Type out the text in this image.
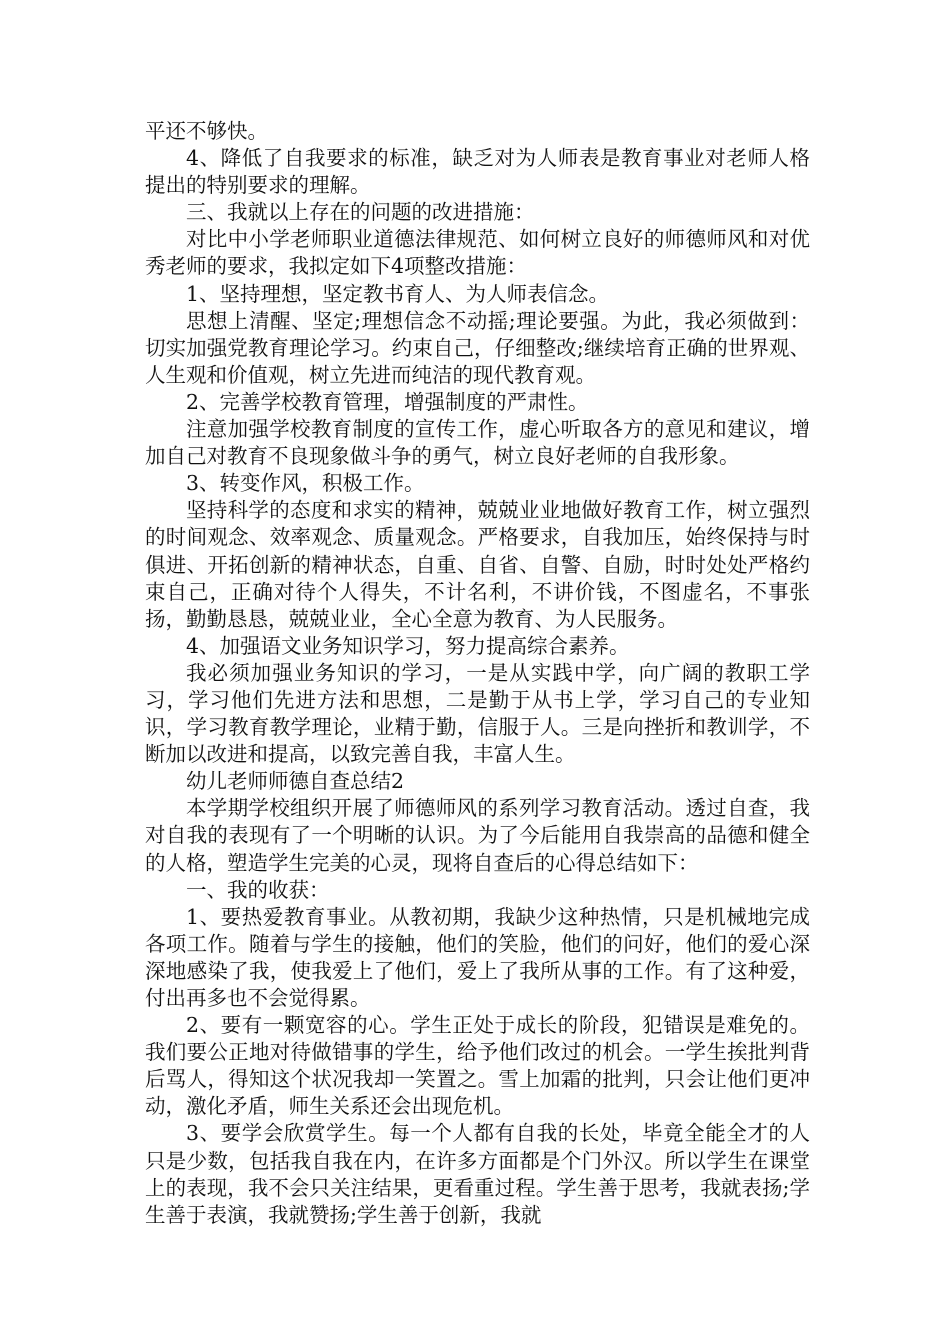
平还不够快。

4、降低了自我要求的标准，缺乏对为人师表是教育事业对老师人格提出的特别要求的理解。

三、我就以上存在的问题的改进措施：

对比中小学老师职业道德法律规范、如何树立良好的师德师风和对优秀老师的要求，我拟定如下4项整改措施：

1、坚持理想，坚定教书育人、为人师表信念。

思想上清醒、坚定;理想信念不动摇;理论要强。为此，我必须做到：切实加强党教育理论学习。约束自己，仔细整改;继续培育正确的世界观、人生观和价值观，树立先进而纯洁的现代教育观。

2、完善学校教育管理，增强制度的严肃性。

注意加强学校教育制度的宣传工作，虚心听取各方的意见和建议，增加自己对教育不良现象做斗争的勇气，树立良好老师的自我形象。

3、转变作风，积极工作。

坚持科学的态度和求实的精神，兢兢业业地做好教育工作，树立强烈的时间观念、效率观念、质量观念。严格要求，自我加压，始终保持与时俱进、开拓创新的精神状态，自重、自省、自警、自励，时时处处严格约束自己，正确对待个人得失，不计名利，不讲价钱，不图虚名，不事张扬，勤勤恳恳，兢兢业业，全心全意为教育、为人民服务。

4、加强语文业务知识学习，努力提高综合素养。

我必须加强业务知识的学习，一是从实践中学，向广阔的教职工学习，学习他们先进方法和思想，二是勤于从书上学，学习自己的专业知识，学习教育教学理论，业精于勤，信服于人。三是向挫折和教训学，不断加以改进和提高，以致完善自我，丰富人生。

幼儿老师师德自查总结2

本学期学校组织开展了师德师风的系列学习教育活动。透过自查，我对自我的表现有了一个明晰的认识。为了今后能用自我崇高的品德和健全的人格，塑造学生完美的心灵，现将自查后的心得总结如下：

一、我的收获：

1、要热爱教育事业。从教初期，我缺少这种热情，只是机械地完成各项工作。随着与学生的接触，他们的笑脸，他们的问好，他们的爱心深深地感染了我，使我爱上了他们，爱上了我所从事的工作。有了这种爱，付出再多也不会觉得累。

2、要有一颗宽容的心。学生正处于成长的阶段，犯错误是难免的。我们要公正地对待做错事的学生，给予他们改过的机会。一学生挨批判背后骂人，得知这个状况我却一笑置之。雪上加霜的批判，只会让他们更冲动，激化矛盾，师生关系还会出现危机。

3、要学会欣赏学生。每一个人都有自我的长处，毕竟全能全才的人只是少数，包括我自我在内，在许多方面都是个门外汉。所以学生在课堂上的表现，我不会只关注结果，更看重过程。学生善于思考，我就表扬;学生善于表演，我就赞扬;学生善于创新，我就
